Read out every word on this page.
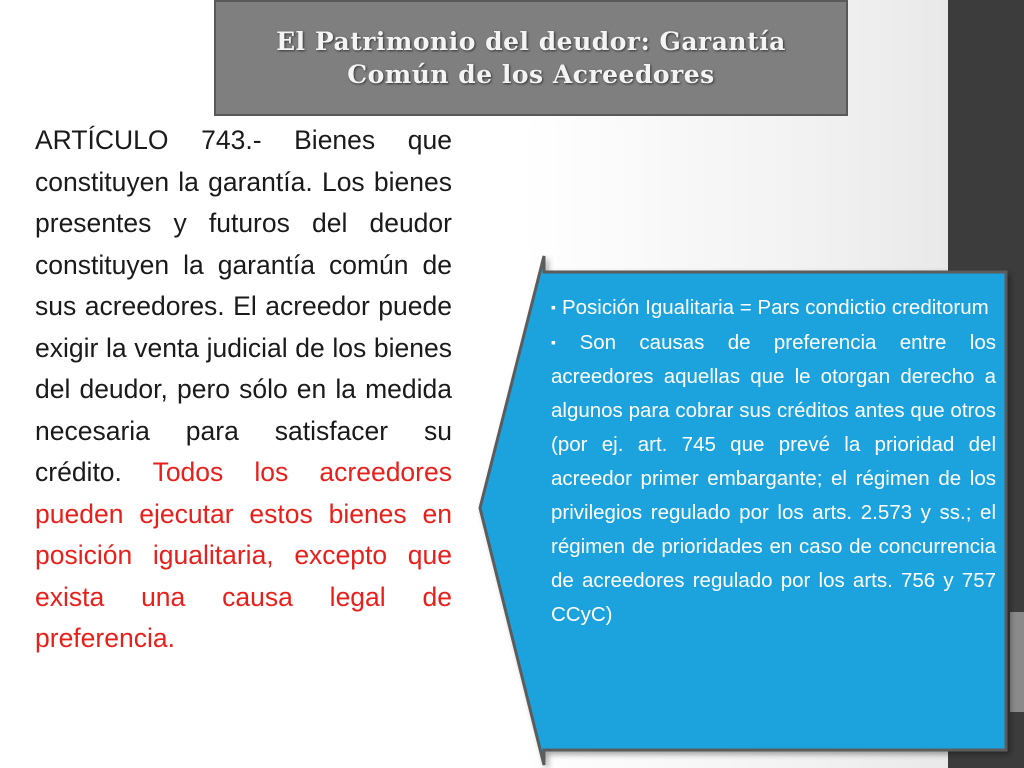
El Patrimonio del deudor: Garantía
Común de los Acreedores

ARTÍCULO 743.- Bienes que constituyen la garantía. Los bienes presentes y futuros del deudor constituyen la garantía común de sus acreedores. El acreedor puede exigir la venta judicial de los bienes del deudor, pero sólo en la medida necesaria para satisfacer su crédito. Todos los acreedores pueden ejecutar estos bienes en posición igualitaria, excepto que exista una causa legal de preferencia.

▪ Posición Igualitaria = Pars condictio creditorum

▪ Son causas de preferencia entre los acreedores aquellas que le otorgan derecho a algunos para cobrar sus créditos antes que otros (por ej. art. 745 que prevé la prioridad del acreedor primer embargante; el régimen de los privilegios regulado por los arts. 2.573 y ss.; el régimen de prioridades en caso de concurrencia de acreedores regulado por los arts. 756 y 757 CCyC)
